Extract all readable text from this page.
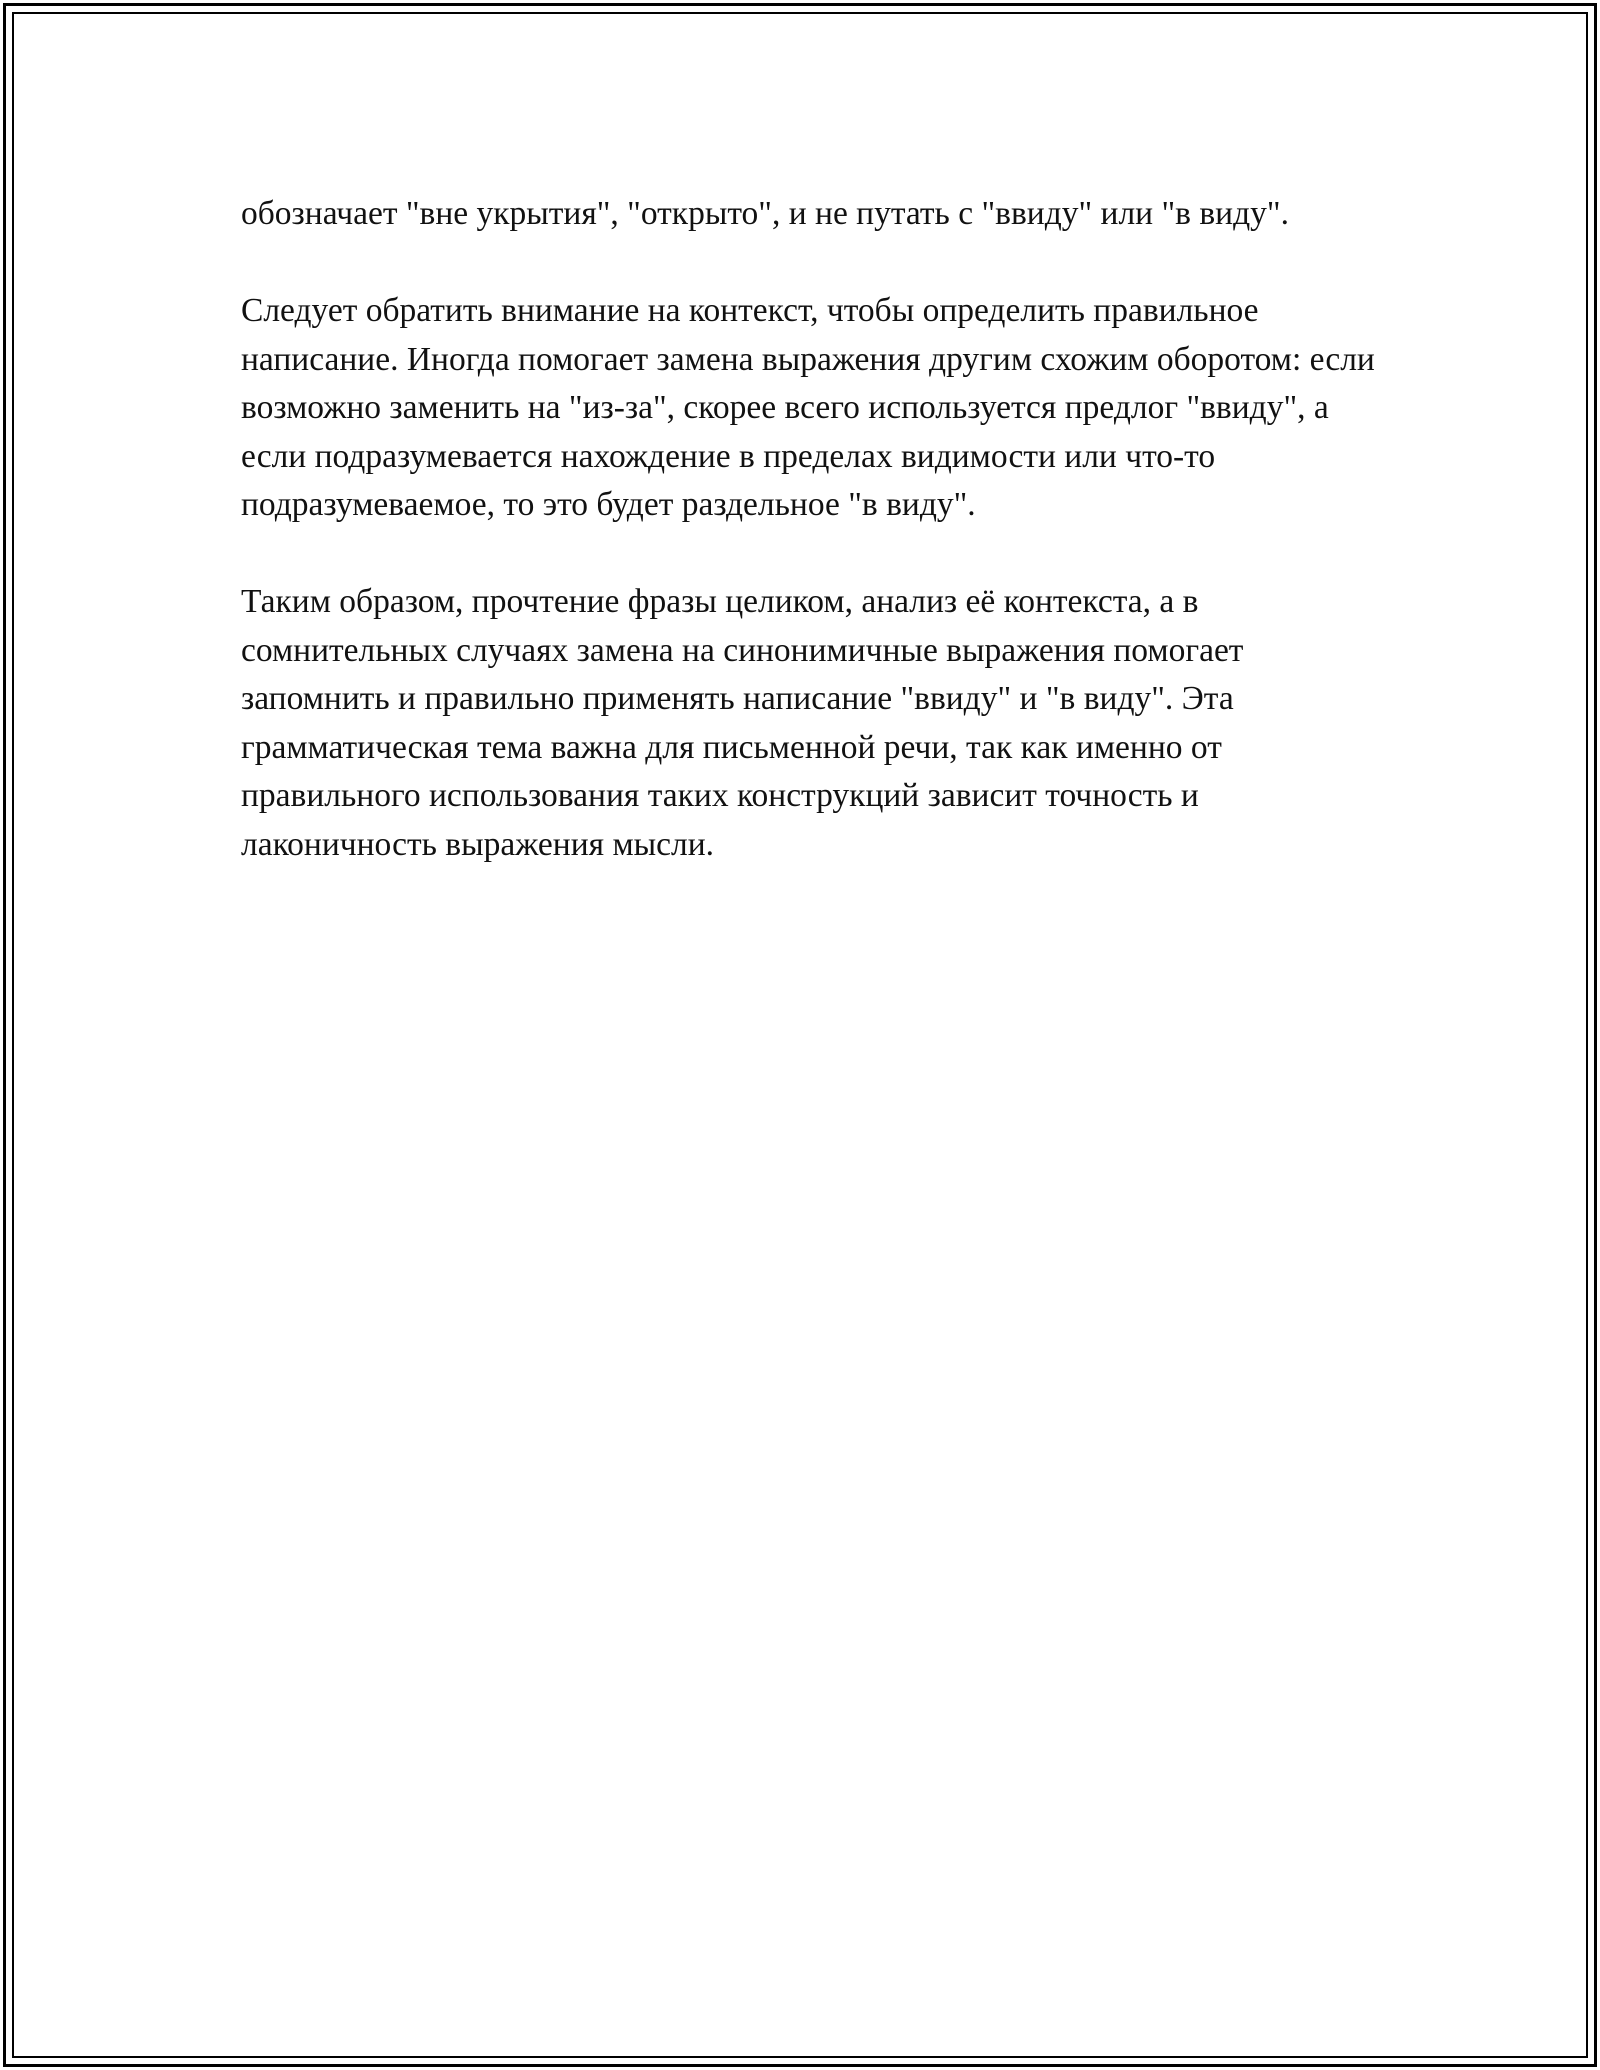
обозначает "вне укрытия", "открыто", и не путать с "ввиду" или "в виду".

Следует обратить внимание на контекст, чтобы определить правильное написание. Иногда помогает замена выражения другим схожим оборотом: если возможно заменить на "из-за", скорее всего используется предлог "ввиду", а если подразумевается нахождение в пределах видимости или что-то подразумеваемое, то это будет раздельное "в виду".

Таким образом, прочтение фразы целиком, анализ её контекста, а в сомнительных случаях замена на синонимичные выражения помогает запомнить и правильно применять написание "ввиду" и "в виду". Эта грамматическая тема важна для письменной речи, так как именно от правильного использования таких конструкций зависит точность и лаконичность выражения мысли.
